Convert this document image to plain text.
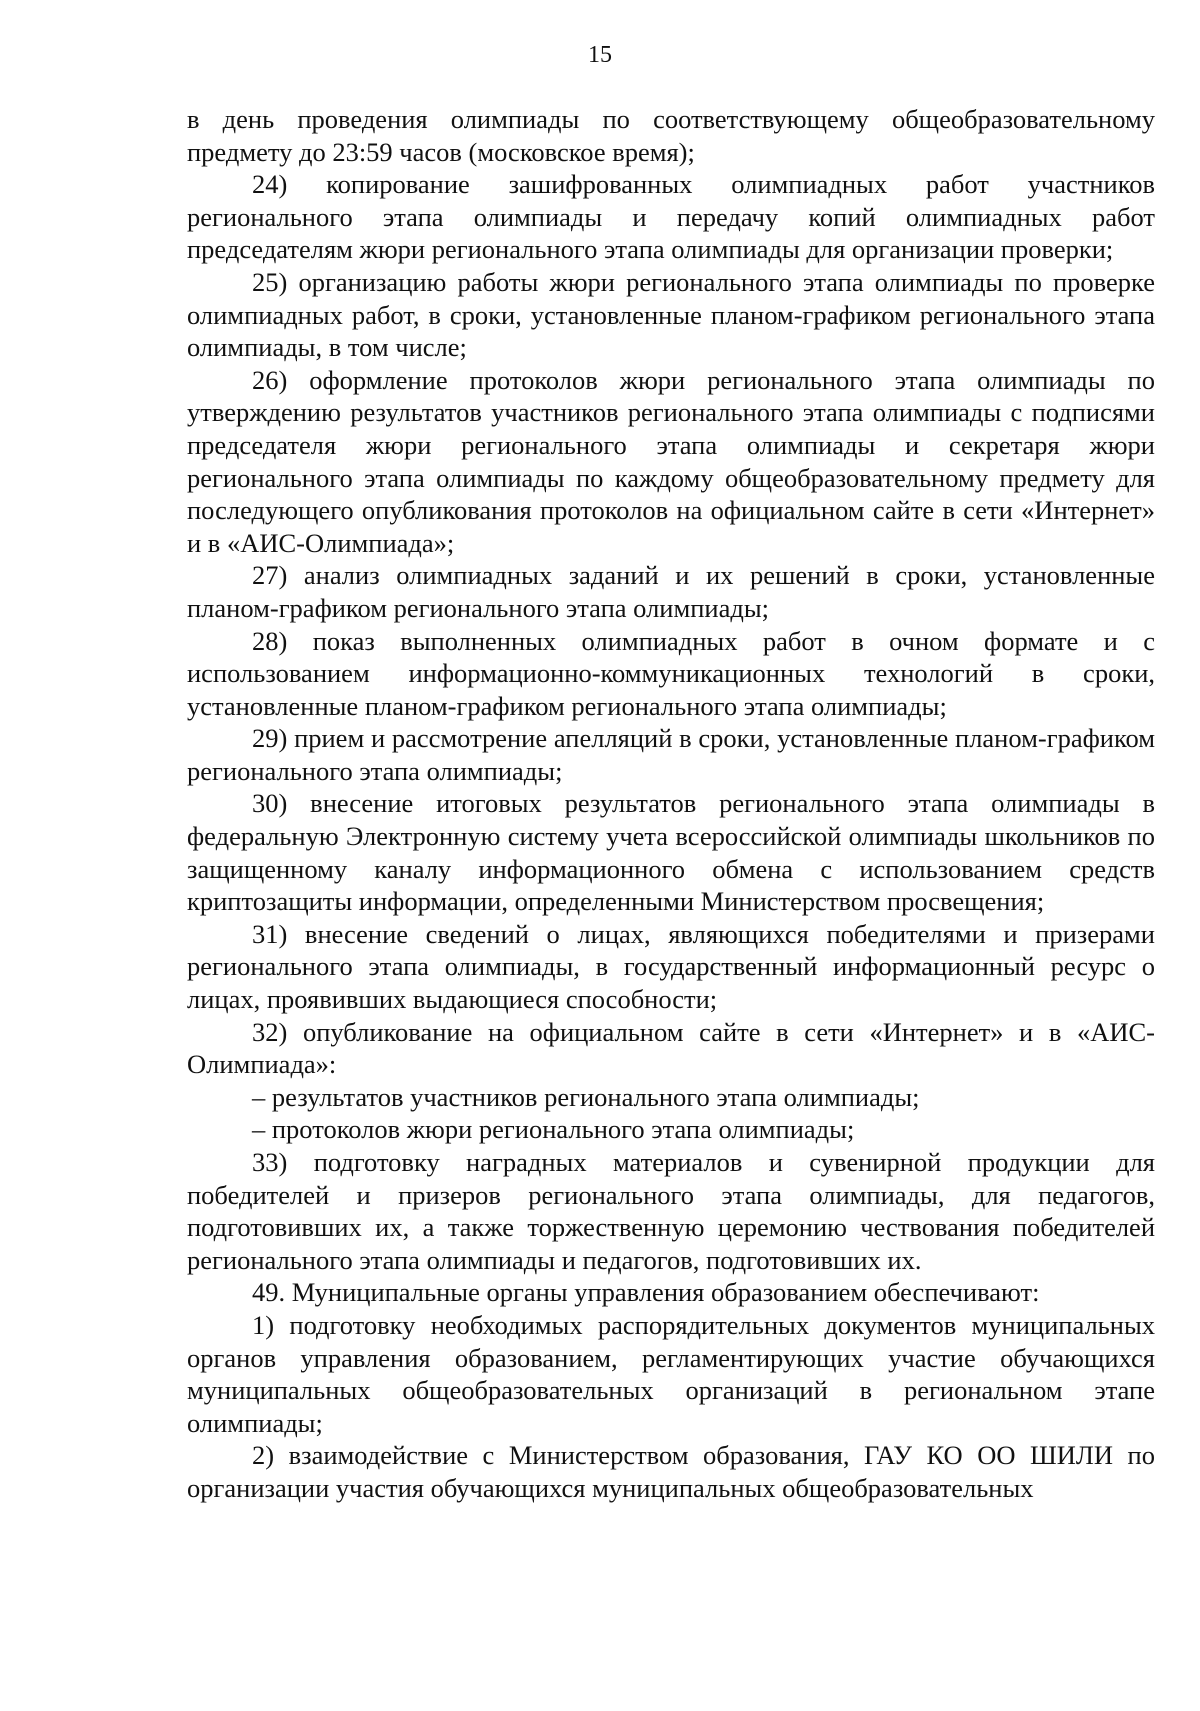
15

в день проведения олимпиады по соответствующему общеобразовательному предмету до 23:59 часов (московское время);

24) копирование зашифрованных олимпиадных работ участников регионального этапа олимпиады и передачу копий олимпиадных работ председателям жюри регионального этапа олимпиады для организации проверки;

25) организацию работы жюри регионального этапа олимпиады по проверке олимпиадных работ, в сроки, установленные планом-графиком регионального этапа олимпиады, в том числе;

26) оформление протоколов жюри регионального этапа олимпиады по утверждению результатов участников регионального этапа олимпиады с подписями председателя жюри регионального этапа олимпиады и секретаря жюри регионального этапа олимпиады по каждому общеобразовательному предмету для последующего опубликования протоколов на официальном сайте в сети «Интернет» и в «АИС-Олимпиада»;

27) анализ олимпиадных заданий и их решений в сроки, установленные планом-графиком регионального этапа олимпиады;

28) показ выполненных олимпиадных работ в очном формате и с использованием информационно-коммуникационных технологий в сроки, установленные планом-графиком регионального этапа олимпиады;

29) прием и рассмотрение апелляций в сроки, установленные планом-графиком регионального этапа олимпиады;

30) внесение итоговых результатов регионального этапа олимпиады в федеральную Электронную систему учета всероссийской олимпиады школьников по защищенному каналу информационного обмена с использованием средств криптозащиты информации, определенными Министерством просвещения;

31) внесение сведений о лицах, являющихся победителями и призерами регионального этапа олимпиады, в государственный информационный ресурс о лицах, проявивших выдающиеся способности;

32) опубликование на официальном сайте в сети «Интернет» и в «АИС-Олимпиада»:

– результатов участников регионального этапа олимпиады;

– протоколов жюри регионального этапа олимпиады;

33) подготовку наградных материалов и сувенирной продукции для победителей и призеров регионального этапа олимпиады, для педагогов, подготовивших их, а также торжественную церемонию чествования победителей регионального этапа олимпиады и педагогов, подготовивших их.

49. Муниципальные органы управления образованием обеспечивают:

1) подготовку необходимых распорядительных документов муниципальных органов управления образованием, регламентирующих участие обучающихся муниципальных общеобразовательных организаций в региональном этапе олимпиады;

2) взаимодействие с Министерством образования, ГАУ КО ОО ШИЛИ по организации участия обучающихся муниципальных общеобразовательных
